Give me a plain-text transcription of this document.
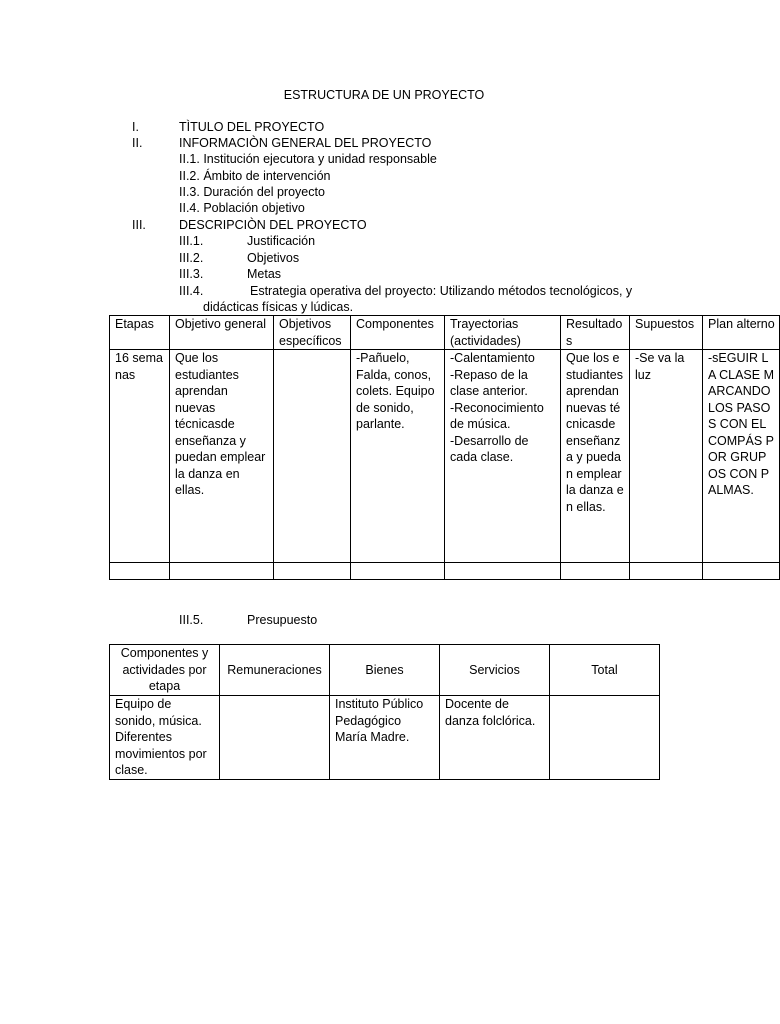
ESTRUCTURA DE UN PROYECTO
I.	TÌTULO DEL PROYECTO
II.	INFORMACIÒN GENERAL DEL PROYECTO
II.1. Institución ejecutora y unidad responsable
II.2. Ámbito de intervención
II.3. Duración del proyecto
II.4. Población objetivo
III.	DESCRIPCIÒN DEL PROYECTO
III.1.	Justificación
III.2.	Objetivos
III.3.	Metas
III.4.	Estrategia operativa del proyecto: Utilizando métodos tecnológicos, y
didácticas físicas y lúdicas.
Etapas	Objetivo general	Objetivos específicos	Componentes	Trayectorias (actividades)	Resultados	Supuestos	Plan alterno
16 semanas	Que los estudiantes aprendan nuevas técnicasde enseñanza y puedan emplear la danza en ellas.		-Pañuelo, Falda, conos, colets. Equipo de sonido, parlante.	-Calentamiento
-Repaso de la clase anterior.
-Reconocimiento de música.
-Desarrollo de cada clase.	Que los estudiantes aprendan nuevas técnicasde enseñanza y puedan emplear la danza en ellas.	-Se va la luz	-sEGUIR LA CLASE MARCANDO LOS PASOS CON EL COMPÁS POR GRUPOS CON PALMAS.

III.5.	Presupuesto
Componentes y actividades por etapa	Remuneraciones	Bienes	Servicios	Total
Equipo de sonido, música. Diferentes movimientos por clase.		Instituto Público Pedagógico María Madre.	Docente de danza folclórica.	
